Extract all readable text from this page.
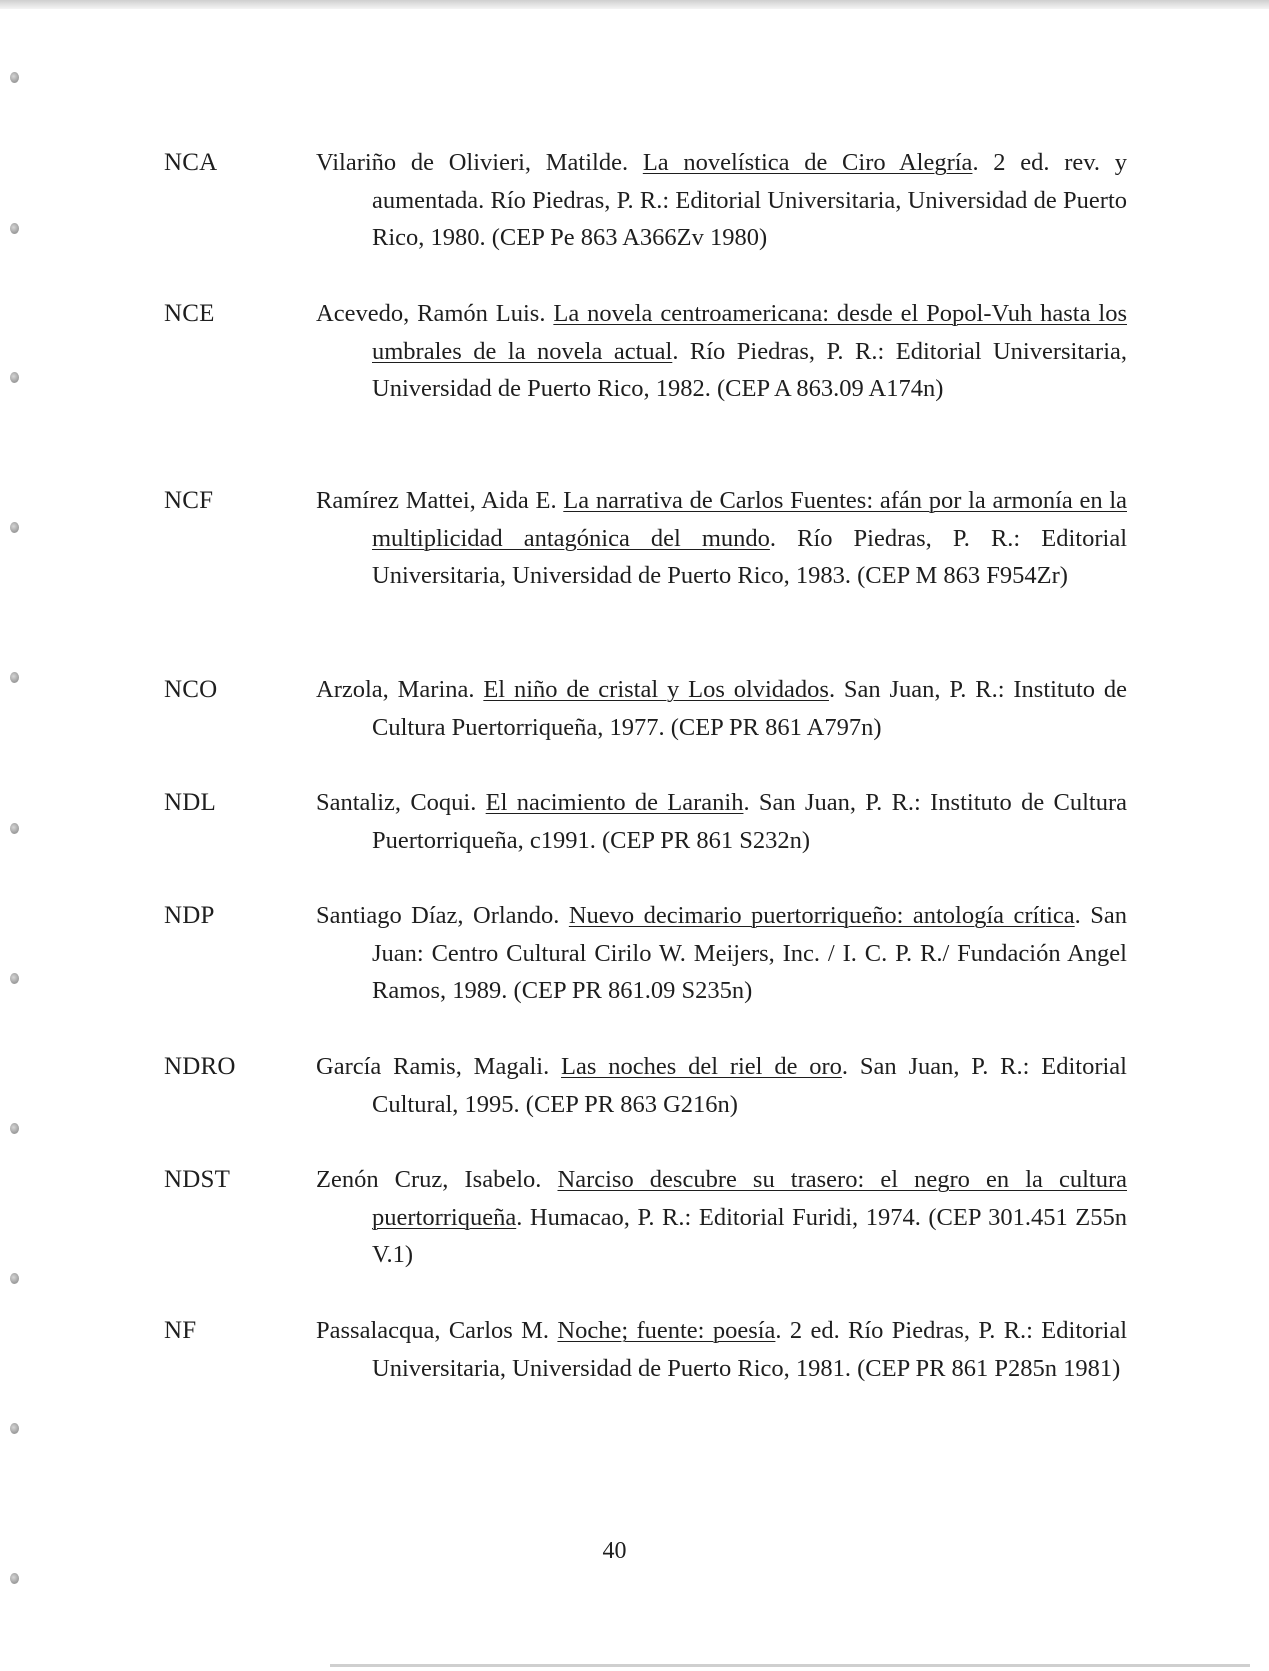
NCA	Vilariño de Olivieri, Matilde. La novelística de Ciro Alegría. 2 ed. rev. y aumentada. Río Piedras, P. R.: Editorial Universitaria, Universidad de Puerto Rico, 1980. (CEP Pe 863 A366Zv 1980)

NCE	Acevedo, Ramón Luis. La novela centroamericana: desde el Popol-Vuh hasta los umbrales de la novela actual. Río Piedras, P. R.: Editorial Universitaria, Universidad de Puerto Rico, 1982. (CEP A 863.09 A174n)

NCF	Ramírez Mattei, Aida E. La narrativa de Carlos Fuentes: afán por la armonía en la multiplicidad antagónica del mundo. Río Piedras, P. R.: Editorial Universitaria, Universidad de Puerto Rico, 1983. (CEP M 863 F954Zr)

NCO	Arzola, Marina. El niño de cristal y Los olvidados. San Juan, P. R.: Instituto de Cultura Puertorriqueña, 1977. (CEP PR 861 A797n)

NDL	Santaliz, Coqui. El nacimiento de Laranih. San Juan, P. R.: Instituto de Cultura Puertorriqueña, c1991. (CEP PR 861 S232n)

NDP	Santiago Díaz, Orlando. Nuevo decimario puertorriqueño: antología crítica. San Juan: Centro Cultural Cirilo W. Meijers, Inc. / I. C. P. R./ Fundación Angel Ramos, 1989. (CEP PR 861.09 S235n)

NDRO	García Ramis, Magali. Las noches del riel de oro. San Juan, P. R.: Editorial Cultural, 1995. (CEP PR 863 G216n)

NDST	Zenón Cruz, Isabelo. Narciso descubre su trasero: el negro en la cultura puertorriqueña. Humacao, P. R.: Editorial Furidi, 1974. (CEP 301.451 Z55n V.1)

NF	Passalacqua, Carlos M. Noche; fuente: poesía. 2 ed. Río Piedras, P. R.: Editorial Universitaria, Universidad de Puerto Rico, 1981. (CEP PR 861 P285n 1981)

40
